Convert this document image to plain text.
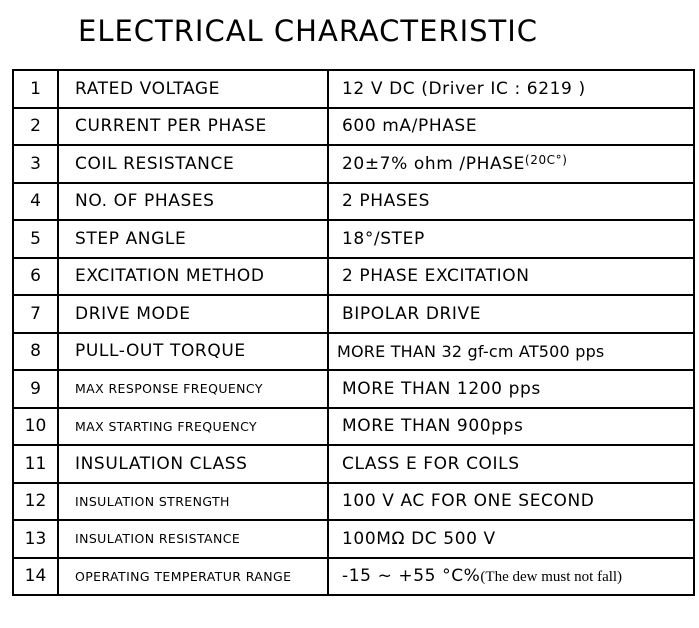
ELECTRICAL CHARACTERISTIC
1	RATED VOLTAGE	12 V DC (Driver IC : 6219 )
2	CURRENT PER PHASE	600 mA/PHASE
3	COIL RESISTANCE	20±7% ohm $/PHASE^{(20C^\circ)}$
4	NO. OF PHASES	2 PHASES
5	STEP ANGLE	18°/STEP
6	EXCITATION METHOD	2 PHASE EXCITATION
7	DRIVE MODE	BIPOLAR DRIVE
8	PULL-OUT TORQUE	MORE THAN 32 gf-cm AT500 pps
9	MAX RESPONSE FREQUENCY	MORE THAN 1200 pps
10	MAX STARTING FREQUENCY	MORE THAN 900pps
11	INSULATION CLASS	CLASS E FOR COILS
12	INSULATION STRENGTH	100 V AC FOR ONE SECOND
13	INSULATION RESISTANCE	100MΩ DC 500 V
14	OPERATING TEMPERATUR RANGE	-15 ~ +55 °C%(The dew must not fall)
